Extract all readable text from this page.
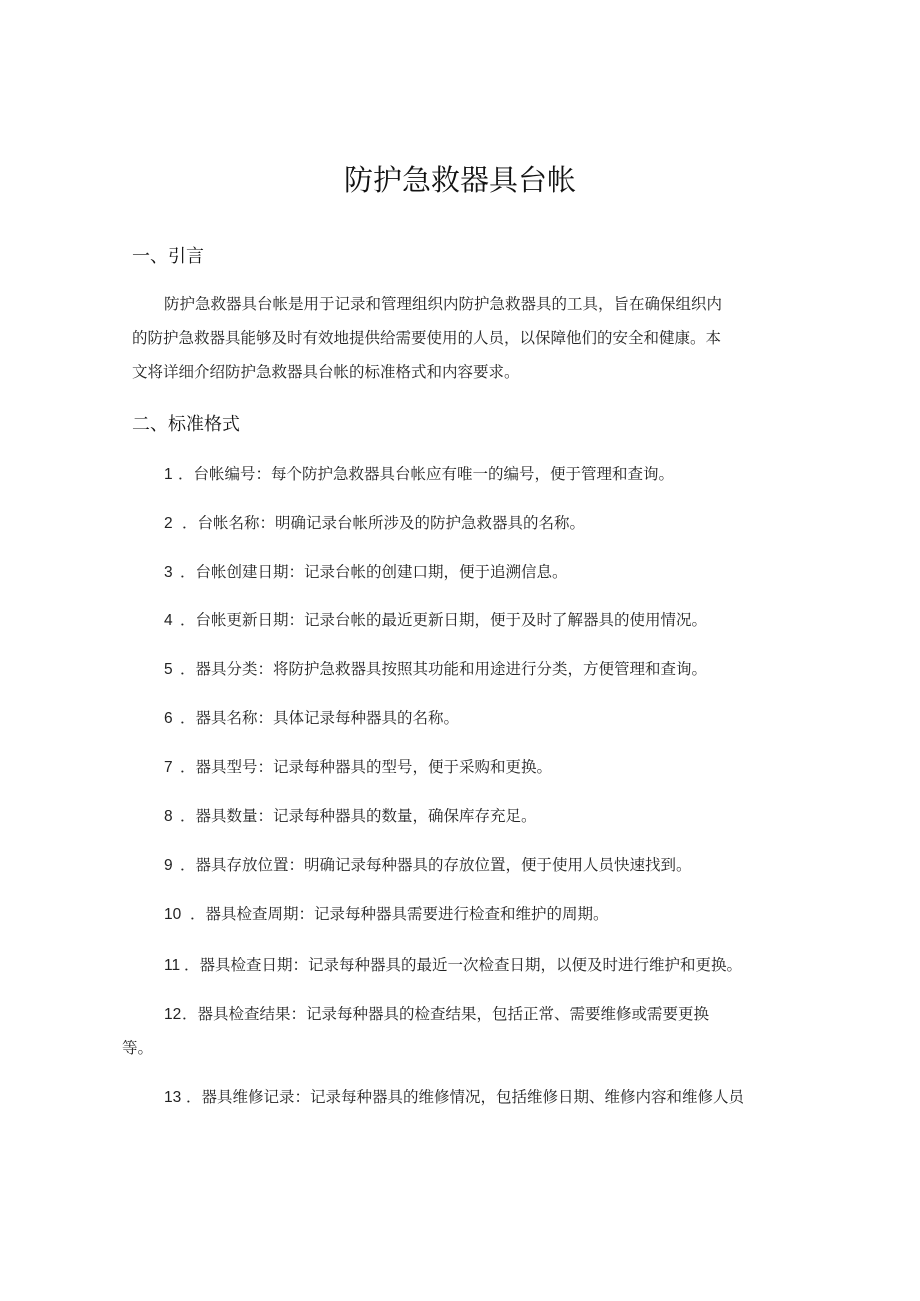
防护急救器具台帐
一、引言
防护急救器具台帐是用于记录和管理组织内防护急救器具的工具，旨在确保组织内
的防护急救器具能够及时有效地提供给需要使用的人员，以保障他们的安全和健康。本
文将详细介绍防护急救器具台帐的标准格式和内容要求。
二、标准格式
1 ．台帐编号：每个防护急救器具台帐应有唯一的编号，便于管理和查询。
2 ．台帐名称：明确记录台帐所涉及的防护急救器具的名称。
3 ．台帐创建日期：记录台帐的创建口期，便于追溯信息。
4 ．台帐更新日期：记录台帐的最近更新日期，便于及时了解器具的使用情况。
5 ．器具分类：将防护急救器具按照其功能和用途进行分类，方便管理和查询。
6 ．器具名称：具体记录每种器具的名称。
7 ．器具型号：记录每种器具的型号，便于采购和更换。
8 ．器具数量：记录每种器具的数量，确保库存充足。
9 ．器具存放位置：明确记录每种器具的存放位置，便于使用人员快速找到。
10 ．器具检查周期：记录每种器具需要进行检查和维护的周期。
11 ．器具检查日期：记录每种器具的最近一次检查日期，以便及时进行维护和更换。
12．器具检查结果：记录每种器具的检查结果，包括正常、需要维修或需要更换
等。
13 ．器具维修记录：记录每种器具的维修情况，包括维修日期、维修内容和维修人员
